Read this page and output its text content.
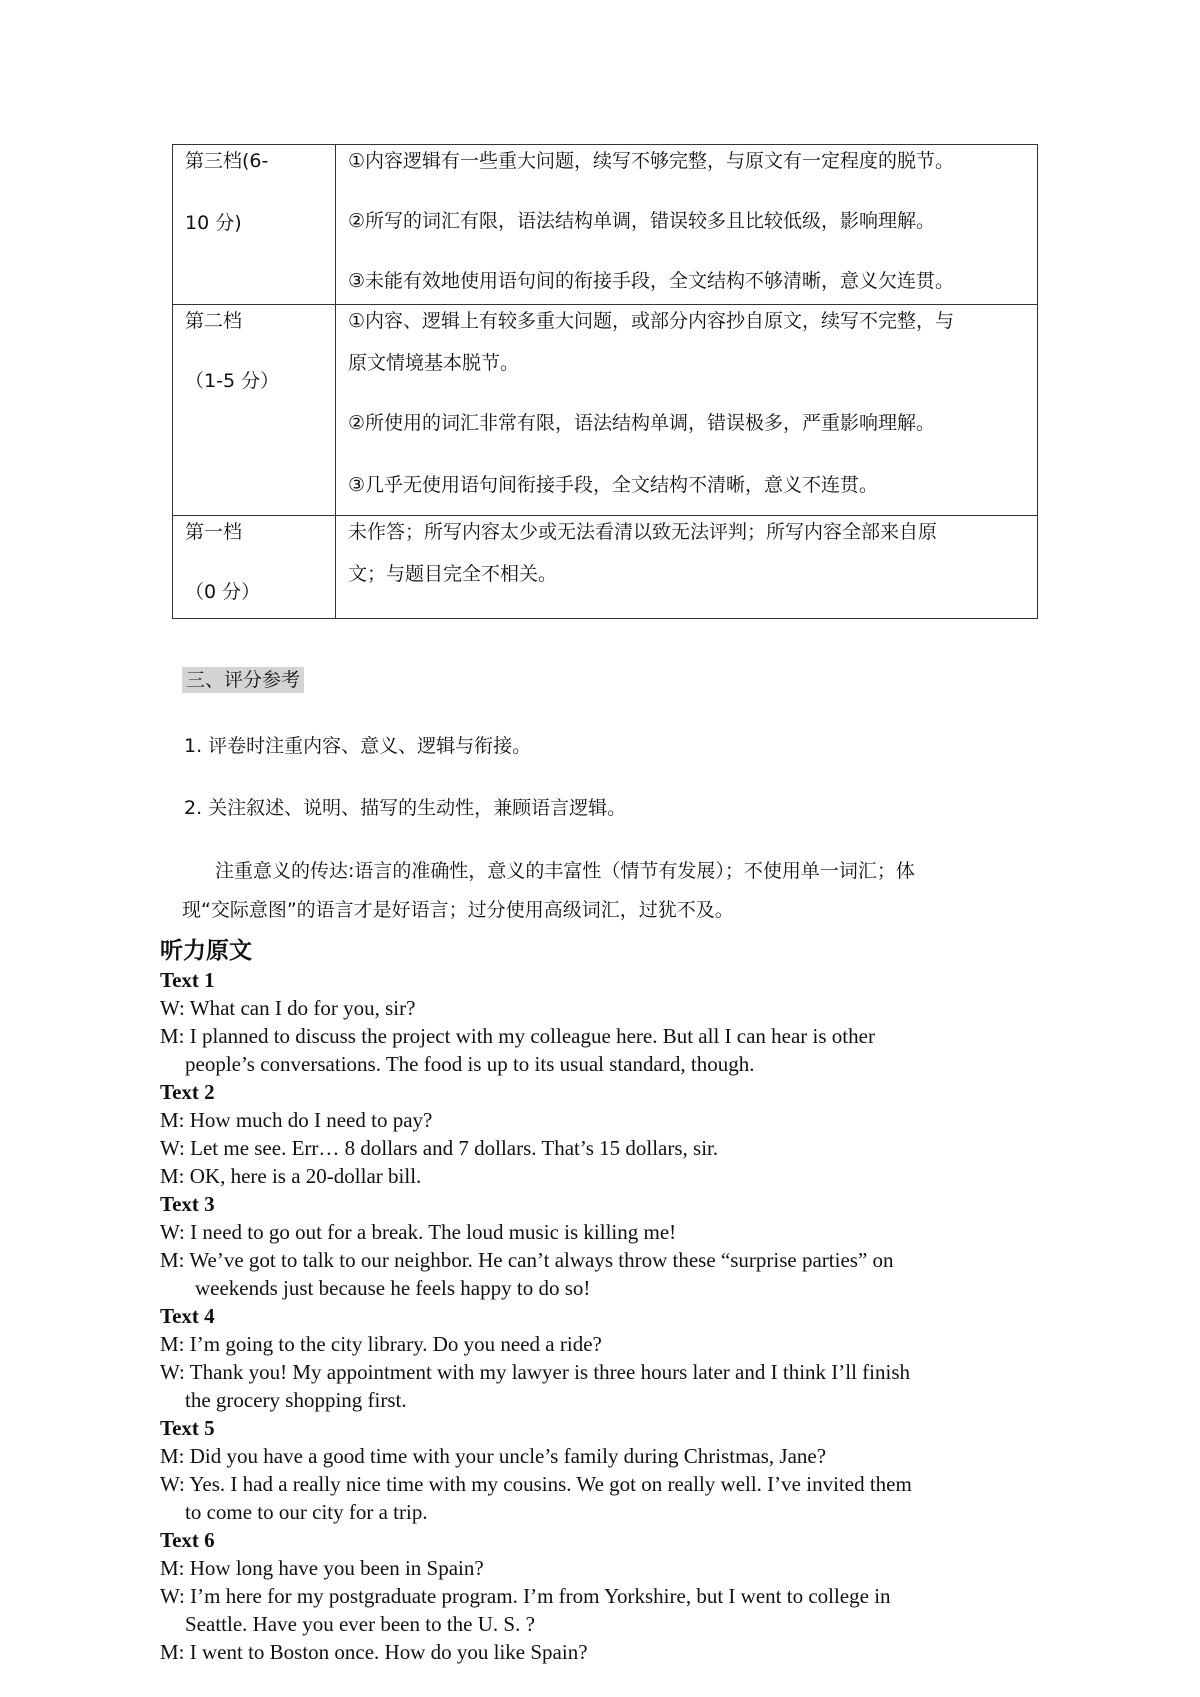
第三档(6-
10 分)	①内容逻辑有一些重大问题，续写不够完整，与原文有一定程度的脱节。
②所写的词汇有限，语法结构单调，错误较多且比较低级，影响理解。
③未能有效地使用语句间的衔接手段，全文结构不够清晰，意义欠连贯。

第二档
（1-5 分）	①内容、逻辑上有较多重大问题，或部分内容抄自原文，续写不完整，与
原文情境基本脱节。
②所使用的词汇非常有限，语法结构单调，错误极多，严重影响理解。
③几乎无使用语句间衔接手段，全文结构不清晰，意义不连贯。

第一档
（0 分）	未作答；所写内容太少或无法看清以致无法评判；所写内容全部来自原
文；与题目完全不相关。
三、评分参考
1. 评卷时注重内容、意义、逻辑与衔接。
2. 关注叙述、说明、描写的生动性，兼顾语言逻辑。
注重意义的传达:语言的准确性，意义的丰富性（情节有发展）；不使用单一词汇；体
现“交际意图”的语言才是好语言；过分使用高级词汇，过犹不及。
听力原文
Text 1
W: What can I do for you, sir?
M: I planned to discuss the project with my colleague here. But all I can hear is other
people’s conversations. The food is up to its usual standard, though.
Text 2
M: How much do I need to pay?
W: Let me see. Err… 8 dollars and 7 dollars. That’s 15 dollars, sir.
M: OK, here is a 20-dollar bill.
Text 3
W: I need to go out for a break. The loud music is killing me!
M: We’ve got to talk to our neighbor. He can’t always throw these “surprise parties” on
weekends just because he feels happy to do so!
Text 4
M: I’m going to the city library. Do you need a ride?
W: Thank you! My appointment with my lawyer is three hours later and I think I’ll finish
the grocery shopping first.
Text 5
M: Did you have a good time with your uncle’s family during Christmas, Jane?
W: Yes. I had a really nice time with my cousins. We got on really well. I’ve invited them
to come to our city for a trip.
Text 6
M: How long have you been in Spain?
W: I’m here for my postgraduate program. I’m from Yorkshire, but I went to college in
Seattle. Have you ever been to the U. S. ?
M: I went to Boston once. How do you like Spain?
